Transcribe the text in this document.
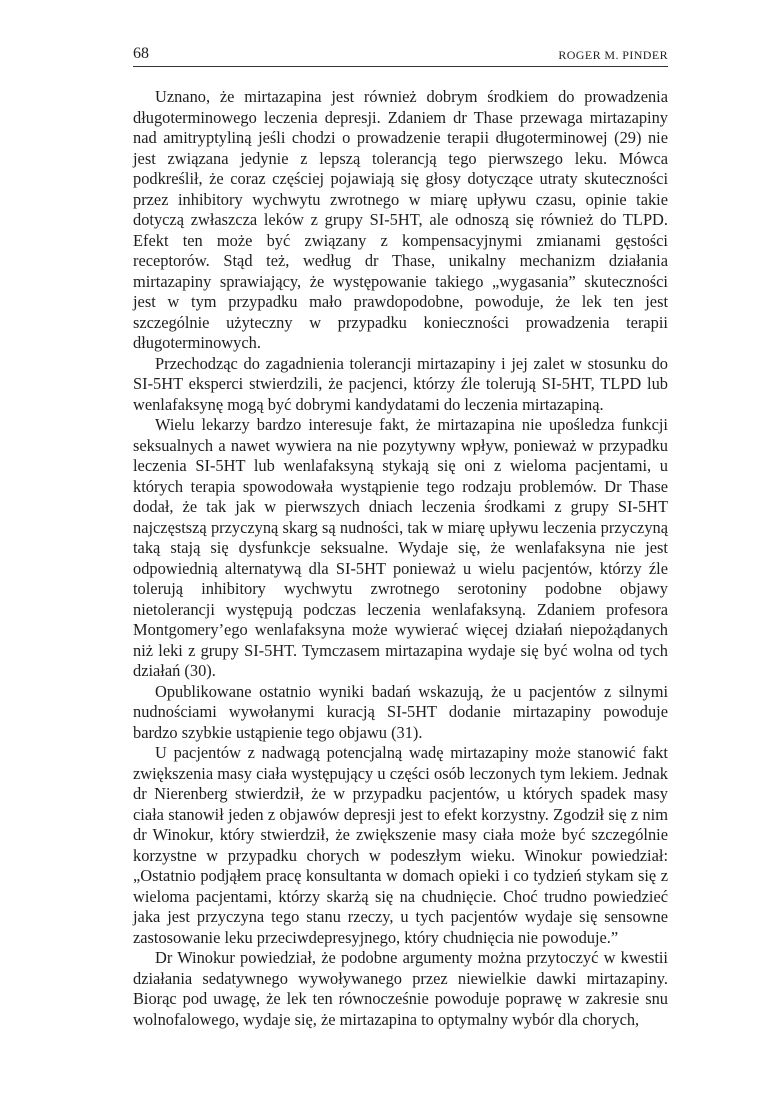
68	ROGER M. PINDER

Uznano, że mirtazapina jest również dobrym środkiem do prowadzenia długoterminowego leczenia depresji. Zdaniem dr Thase przewaga mirtazapiny nad amitryptyliną jeśli chodzi o prowadzenie terapii długoterminowej (29) nie jest związana jedynie z lepszą tolerancją tego pierwszego leku. Mówca podkreślił, że coraz częściej pojawiają się głosy dotyczące utraty skuteczności przez inhibitory wychwytu zwrotnego w miarę upływu czasu, opinie takie dotyczą zwłaszcza leków z grupy SI-5HT, ale odnoszą się również do TLPD. Efekt ten może być związany z kompensacyjnymi zmianami gęstości receptorów. Stąd też, według dr Thase, unikalny mechanizm działania mirtazapiny sprawiający, że występowanie takiego „wygasania” skuteczności jest w tym przypadku mało prawdopodobne, powoduje, że lek ten jest szczególnie użyteczny w przypadku konieczności prowadzenia terapii długoterminowych.

Przechodząc do zagadnienia tolerancji mirtazapiny i jej zalet w stosunku do SI-5HT eksperci stwierdzili, że pacjenci, którzy źle tolerują SI-5HT, TLPD lub wenlafaksynę mogą być dobrymi kandydatami do leczenia mirtazapiną.

Wielu lekarzy bardzo interesuje fakt, że mirtazapina nie upośledza funkcji seksualnych a nawet wywiera na nie pozytywny wpływ, ponieważ w przypadku leczenia SI-5HT lub wenlafaksyną stykają się oni z wieloma pacjentami, u których terapia spowodowała wystąpienie tego rodzaju problemów. Dr Thase dodał, że tak jak w pierwszych dniach leczenia środkami z grupy SI-5HT najczęstszą przyczyną skarg są nudności, tak w miarę upływu leczenia przyczyną taką stają się dysfunkcje seksualne. Wydaje się, że wenlafaksyna nie jest odpowiednią alternatywą dla SI-5HT ponieważ u wielu pacjentów, którzy źle tolerują inhibitory wychwytu zwrotnego serotoniny podobne objawy nietolerancji występują podczas leczenia wenlafaksyną. Zdaniem profesora Montgomery’ego wenlafaksyna może wywierać więcej działań niepożądanych niż leki z grupy SI-5HT. Tymczasem mirtazapina wydaje się być wolna od tych działań (30).

Opublikowane ostatnio wyniki badań wskazują, że u pacjentów z silnymi nudnościami wywołanymi kuracją SI-5HT dodanie mirtazapiny powoduje bardzo szybkie ustąpienie tego objawu (31).

U pacjentów z nadwagą potencjalną wadę mirtazapiny może stanowić fakt zwiększenia masy ciała występujący u części osób leczonych tym lekiem. Jednak dr Nierenberg stwierdził, że w przypadku pacjentów, u których spadek masy ciała stanowił jeden z objawów depresji jest to efekt korzystny. Zgodził się z nim dr Winokur, który stwierdził, że zwiększenie masy ciała może być szczególnie korzystne w przypadku chorych w podeszłym wieku. Winokur powiedział: „Ostatnio podjąłem pracę konsultanta w domach opieki i co tydzień stykam się z wieloma pacjentami, którzy skarżą się na chudnięcie. Choć trudno powiedzieć jaka jest przyczyna tego stanu rzeczy, u tych pacjentów wydaje się sensowne zastosowanie leku przeciwdepresyjnego, który chudnięcia nie powoduje.”

Dr Winokur powiedział, że podobne argumenty można przytoczyć w kwestii działania sedatywnego wywoływanego przez niewielkie dawki mirtazapiny. Biorąc pod uwagę, że lek ten równocześnie powoduje poprawę w zakresie snu wolnofalowego, wydaje się, że mirtazapina to optymalny wybór dla chorych,
